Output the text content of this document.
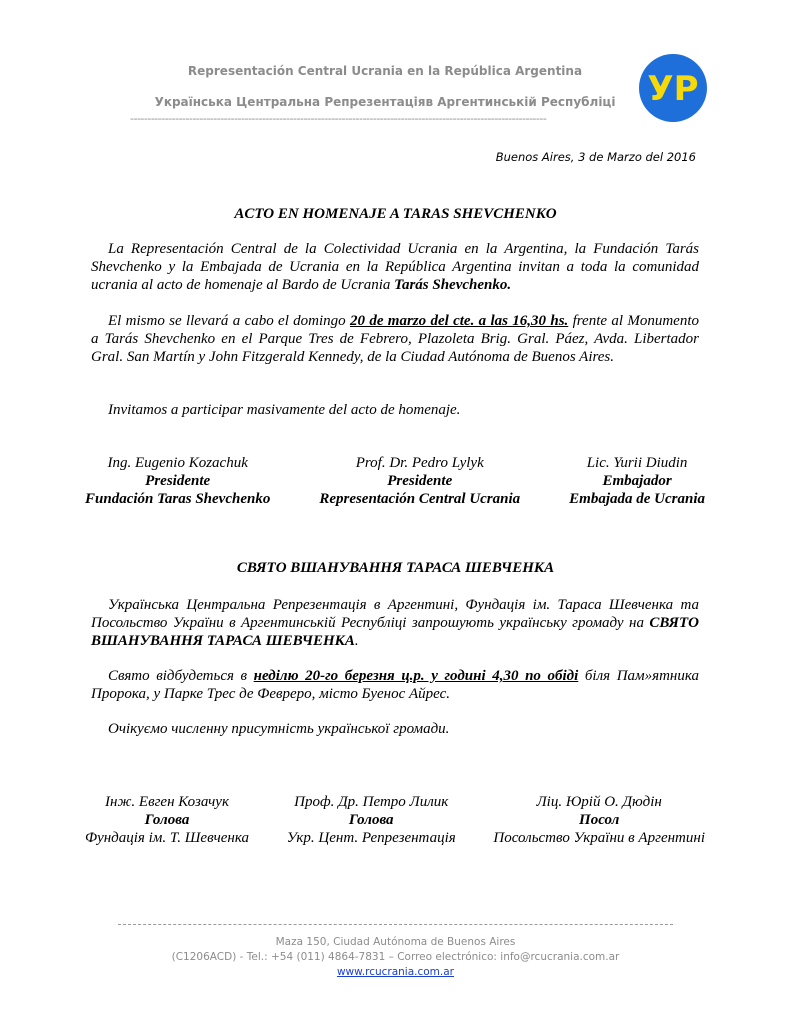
Representación Central Ucrania en la República Argentina
Українська Центральна Репрезентаціяв Аргентинській Республіці
------------------------------------------------------------------------------------------------------------------------
УР
Buenos Aires, 3 de Marzo del 2016
ACTO EN HOMENAJE A TARAS SHEVCHENKO
La Representación Central de la Colectividad Ucrania en la Argentina, la Fundación Tarás Shevchenko y la Embajada de Ucrania en la República Argentina invitan a toda la comunidad ucrania al acto de homenaje al Bardo de Ucrania Tarás Shevchenko.
El mismo se llevará a cabo el domingo 20 de marzo del cte. a las 16,30 hs. frente al Monumento a Tarás Shevchenko en el Parque Tres de Febrero, Plazoleta Brig. Gral. Páez, Avda. Libertador Gral. San Martín y John Fitzgerald Kennedy, de la Ciudad Autónoma de Buenos Aires.
Invitamos a participar masivamente del acto de homenaje.
Ing. Eugenio Kozachuk
Presidente
Fundación Taras Shevchenko
Prof. Dr. Pedro Lylyk
Presidente
Representación Central Ucrania
Lic. Yurii Diudin
Embajador
Embajada de Ucrania
СВЯТО ВШАНУВАННЯ ТАРАСА ШЕВЧЕНКА
Українська Центральна Репрезентація в Аргентині, Фундація ім. Тараса Шевченка та Посольство України в Аргентинській Республіці запрошують українську громаду на СВЯТО ВШАНУВАННЯ ТАРАСА ШЕВЧЕНКА.
Свято відбудеться в неділю 20-го березня ц.р. у годині 4,30 по обіді біля Пам»ятника Пророка, у Парке Трес де Февреро, місто Буенос Айрес.
Очікуємо численну присутність української громади.
Інж. Евген Козачук
Голова
Фундація ім. Т. Шевченка
Проф. Др. Петро Лилик
Голова
Укр. Цент. Репрезентація
Ліц. Юрій О. Дюдін
Посол
Посольство України в Аргентині
Maza 150, Ciudad Autónoma de Buenos Aires
(C1206ACD) - Tel.: +54 (011) 4864-7831 – Correo electrónico: info@rcucrania.com.ar
www.rcucrania.com.ar
